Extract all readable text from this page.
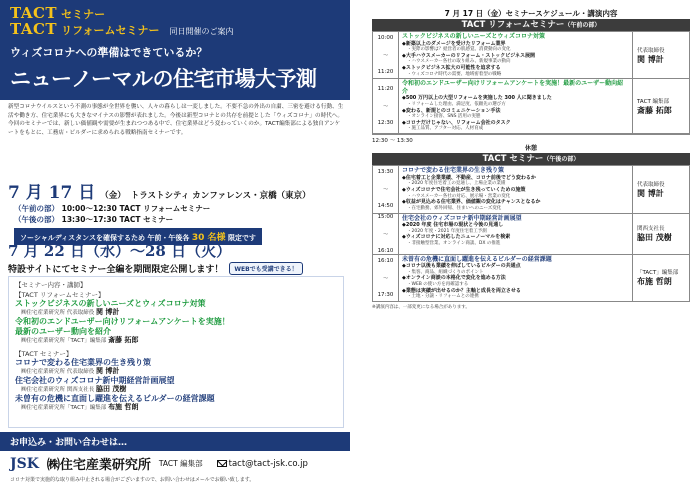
TACT セミナー
TACT リフォームセミナー 同日開催のご案内
ウィズコロナへの準備はできているか？
ニューノーマルの住宅市場大予測
新型コロナウイルスという不測の事態が全世界を襲い、人々の暮らしは一変しました。不要不急の外出の自粛、三密を避ける行動、生活や働き方、住宅業界にも大きなマイナスの影響が表れました。今後は新型コロナとの共存を前提とした「ウィズコロナ」の時代へ。今回のセミナーでは、新しい価値観や需要が生まれつつある中で、住宅業界はどう変わっていくのか。TACT編集部による独自アンケートをもとに、工務店・ビルダーに求められる戦略指南セミナーです。
7 月 17 日 （金） トラストシティ カンファレンス・京橋（東京）
（午前の部） 10:00〜12:30 TACT リフォームセミナー
（午後の部） 13:30〜17:30 TACT セミナー
ソーシャルディスタンスを確保するため 午前・午後各 30 名様 限定です
7 月 22 日（水）〜28 日（火）
特設サイトにてセミナー全編を期間限定公開します！	WEBでも受講できる！
【セミナー内容・講師】
【TACT リフォームセミナー】
ストックビジネスの新しいニーズとウィズコロナ対策
㈱住宅産業研究所 代表取締役 関 博計
令和初のエンドユーザー向けリフォームアンケートを実施！
最新のユーザー動向を紹介
㈱住宅産業研究所「TACT」編集部 斎藤 拓郎
【TACT セミナー】
コロナで変わる住宅業界の生き残り策
㈱住宅産業研究所 代表取締役 関 博計
住宅会社のウィズコロナ新中期経営計画展望
㈱住宅産業研究所 関西支社長 脇田 茂樹
未曽有の危機に直面し躍進を伝えるビルダーの経営課題
㈱住宅産業研究所「TACT」編集部 布施 哲朗
お申込み・お問い合わせは…
JSK ㈱住宅産業研究所 TACT 編集部	tact@tact-jsk.co.jp
コロナ対策で実施的な取り組み中止される場合がございますので、お問い合わせはメールでお願い致します。
7 月 17 日（金）セミナースケジュール・講演内容
TACT リフォームセミナー（午前の部）
10:00
〜
11:20
ストックビジネスの新しいニーズとウィズコロナ対策
◆新築以上のダメージを受けたリフォーム業界
・実際の影響は？経営者の肌感覚、消費動向の変化
◆大手ハウスメーカーのリフォーム・ストックビジネス展開
・ハウスメーカー各社の取り組み、新規事業の動向
◆ストックビジネス拡大の可能性を追求する
・ウィズコロナ時代の需要、地域密着型の戦略
代表取締役
関 博計
11:20
〜
12:30
令和初のエンドユーザー向けリフォームアンケートを実施！最新のユーザー動向紹介
◆500 万円以上の大型リフォームを実施した 300 人に聞きました
・リフォームした理由、満足度、依頼先の選び方
◆変わる、新規とのコミュニケーション手法
・オンライン接客、SNS 活用の実態
◆コロナだけじゃない、リフォーム会社のタスク
・施工品質、アフター対応、人材育成
TACT 編集部
斎藤 拓郎
12:30 〜 13:30
休憩
TACT セミナー（午後の部）
13:30
〜
14:50
コロナで変わる住宅業界の生き残り策
◆住宅着工と企業業績、不動産、コロナ前後でどう変わるか
・2020 年度住宅着工の見通し、上場企業の業績
◆ウィズコロナで住宅会社が生き残っていくための施策
・ハウスメーカー各社の対応、展示場・営業の変化
◆収益が見込める住宅業界、価値観の変化はチャンスとなるか
・在宅勤務、郊外回帰、住まいへのニーズ変化
代表取締役
関 博計
15:00
〜
16:10
住宅会社のウィズコロナ新中期経営計画展望
◆2020 年度 住宅市場の現状と今後の見通し
・2020 年度・2021 年度住宅着工予測
◆ウィズコロナに対応したニューノーマルを検索
・非接触型営業、オンライン商談、DX の推進
関西支社長
脇田 茂樹
16:10
〜
17:30
未曽有の危機に直面し躍進を伝えるビルダーの経営課題
◆コロナ以後も業績を伸ばしているビルダーの共通点
・集客、商品、組織づくりのポイント
◆オンライン商談の本格化で変化を進める方法
・WEB の使い方を再確認する
◆業態は実績が出せるのか？主軸と成長を両立させる
・土地・分譲・リフォームとの連携
「TACT」編集部
布施 哲朗
※講演内容は、一部変更になる場合があります。
